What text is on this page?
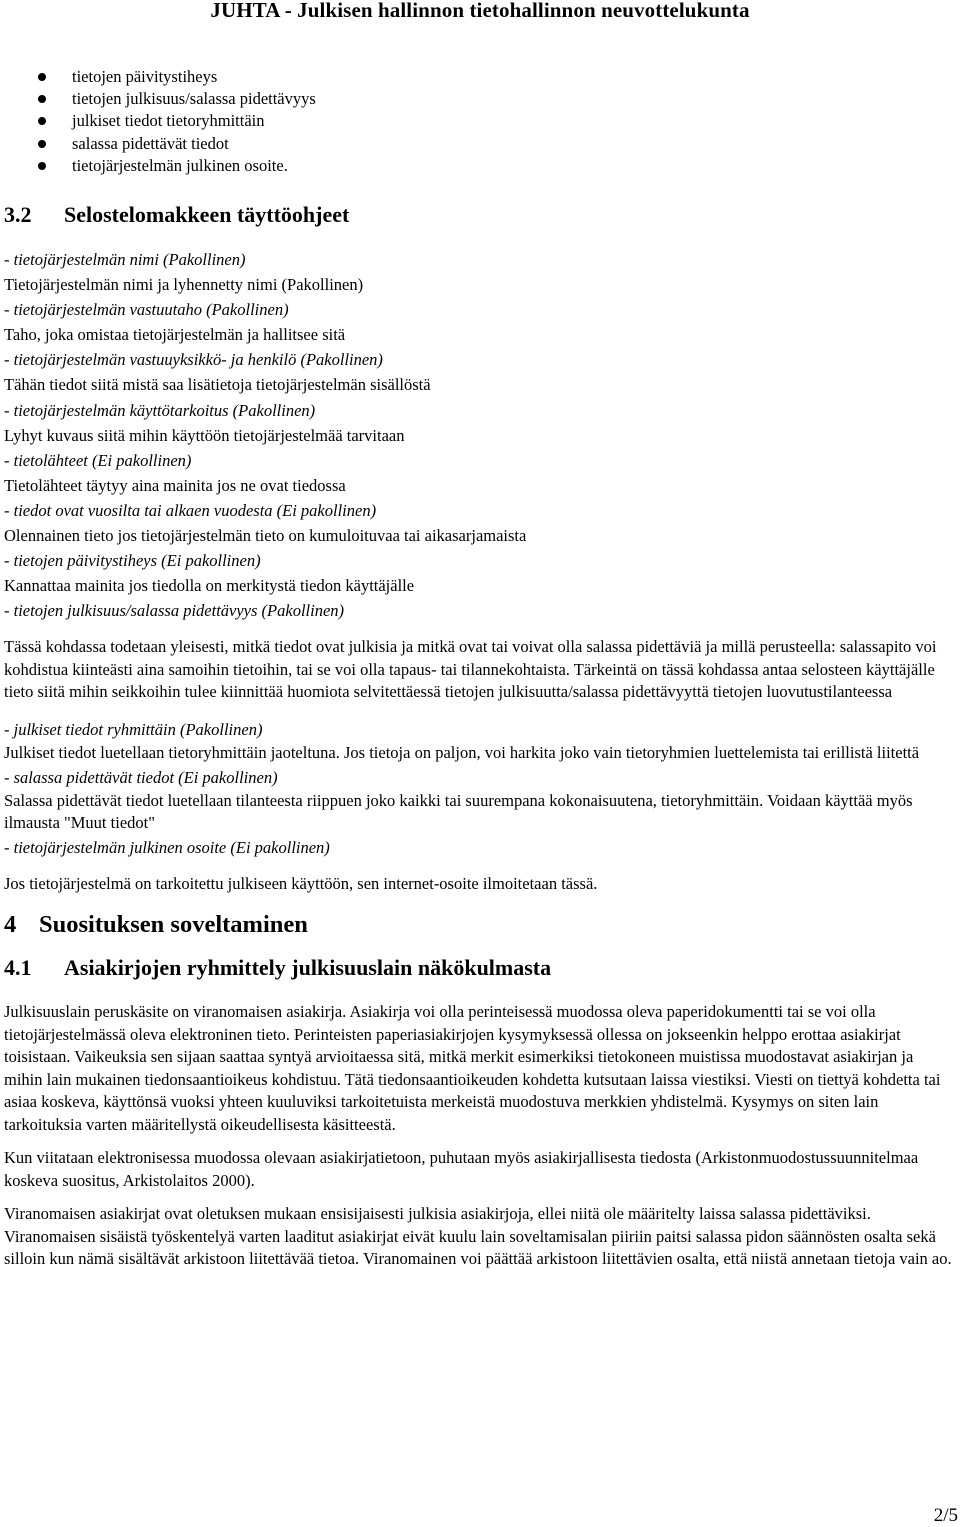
JUHTA - Julkisen hallinnon tietohallinnon neuvottelukunta
tietojen päivitystiheys
tietojen julkisuus/salassa pidettävyys
julkiset tiedot tietoryhmittäin
salassa pidettävät tiedot
tietojärjestelmän julkinen osoite.
3.2 Selostelomakkeen täyttöohjeet
- tietojärjestelmän nimi (Pakollinen)
Tietojärjestelmän nimi ja lyhennetty nimi (Pakollinen)
- tietojärjestelmän vastuutaho (Pakollinen)
Taho, joka omistaa tietojärjestelmän ja hallitsee sitä
- tietojärjestelmän vastuuyksikkö- ja henkilö (Pakollinen)
Tähän tiedot siitä mistä saa lisätietoja tietojärjestelmän sisällöstä
- tietojärjestelmän käyttötarkoitus (Pakollinen)
Lyhyt kuvaus siitä mihin käyttöön tietojärjestelmää tarvitaan
- tietolähteet (Ei pakollinen)
Tietolähteet täytyy aina mainita jos ne ovat tiedossa
- tiedot ovat vuosilta tai alkaen vuodesta (Ei pakollinen)
Olennainen tieto jos tietojärjestelmän tieto on kumuloituvaa tai aikasarjamaista
- tietojen päivitystiheys (Ei pakollinen)
Kannattaa mainita jos tiedolla on merkitystä tiedon käyttäjälle
- tietojen julkisuus/salassa pidettävyys (Pakollinen)

Tässä kohdassa todetaan yleisesti, mitkä tiedot ovat julkisia ja mitkä ovat tai voivat olla salassa pidettäviä ja millä perusteella: salassapito voi kohdistua kiinteästi aina samoihin tietoihin, tai se voi olla tapaus- tai tilannekohtaista. Tärkeintä on tässä kohdassa antaa selosteen käyttäjälle tieto siitä mihin seikkoihin tulee kiinnittää huomiota selvitettäessä tietojen julkisuutta/salassa pidettävyyttä tietojen luovutustilanteessa

- julkiset tiedot ryhmittäin (Pakollinen)

Julkiset tiedot luetellaan tietoryhmittäin jaoteltuna. Jos tietoja on paljon, voi harkita joko vain tietoryhmien luettelemista tai erillistä liitettä

- salassa pidettävät tiedot (Ei pakollinen)

Salassa pidettävät tiedot luetellaan tilanteesta riippuen joko kaikki tai suurempana kokonaisuutena, tietoryhmittäin. Voidaan käyttää myös ilmausta "Muut tiedot"

- tietojärjestelmän julkinen osoite (Ei pakollinen)

Jos tietojärjestelmä on tarkoitettu julkiseen käyttöön, sen internet-osoite ilmoitetaan tässä.

4 Suosituksen soveltaminen
4.1 Asiakirjojen ryhmittely julkisuuslain näkökulmasta

Julkisuuslain peruskäsite on viranomaisen asiakirja. Asiakirja voi olla perinteisessä muodossa oleva paperidokumentti tai se voi olla tietojärjestelmässä oleva elektroninen tieto. Perinteisten paperiasiakirjojen kysymyksessä ollessa on jokseenkin helppo erottaa asiakirjat toisistaan. Vaikeuksia sen sijaan saattaa syntyä arvioitaessa sitä, mitkä merkit esimerkiksi tietokoneen muistissa muodostavat asiakirjan ja mihin lain mukainen tiedonsaantioikeus kohdistuu. Tätä tiedonsaantioikeuden kohdetta kutsutaan laissa viestiksi. Viesti on tiettyä kohdetta tai asiaa koskeva, käyttönsä vuoksi yhteen kuuluviksi tarkoitetuista merkeistä muodostuva merkkien yhdistelmä. Kysymys on siten lain tarkoituksia varten määritellystä oikeudellisesta käsitteestä.

Kun viitataan elektronisessa muodossa olevaan asiakirjatietoon, puhutaan myös asiakirjallisesta tiedosta (Arkistonmuodostussuunnitelmaa koskeva suositus, Arkistolaitos 2000).

Viranomaisen asiakirjat ovat oletuksen mukaan ensisijaisesti julkisia asiakirjoja, ellei niitä ole määritelty laissa salassa pidettäviksi. Viranomaisen sisäistä työskentelyä varten laaditut asiakirjat eivät kuulu lain soveltamisalan piiriin paitsi salassa pidon säännösten osalta sekä silloin kun nämä sisältävät arkistoon liitettävää tietoa. Viranomainen voi päättää arkistoon liitettävien osalta, että niistä annetaan tietoja vain ao.

2/5
